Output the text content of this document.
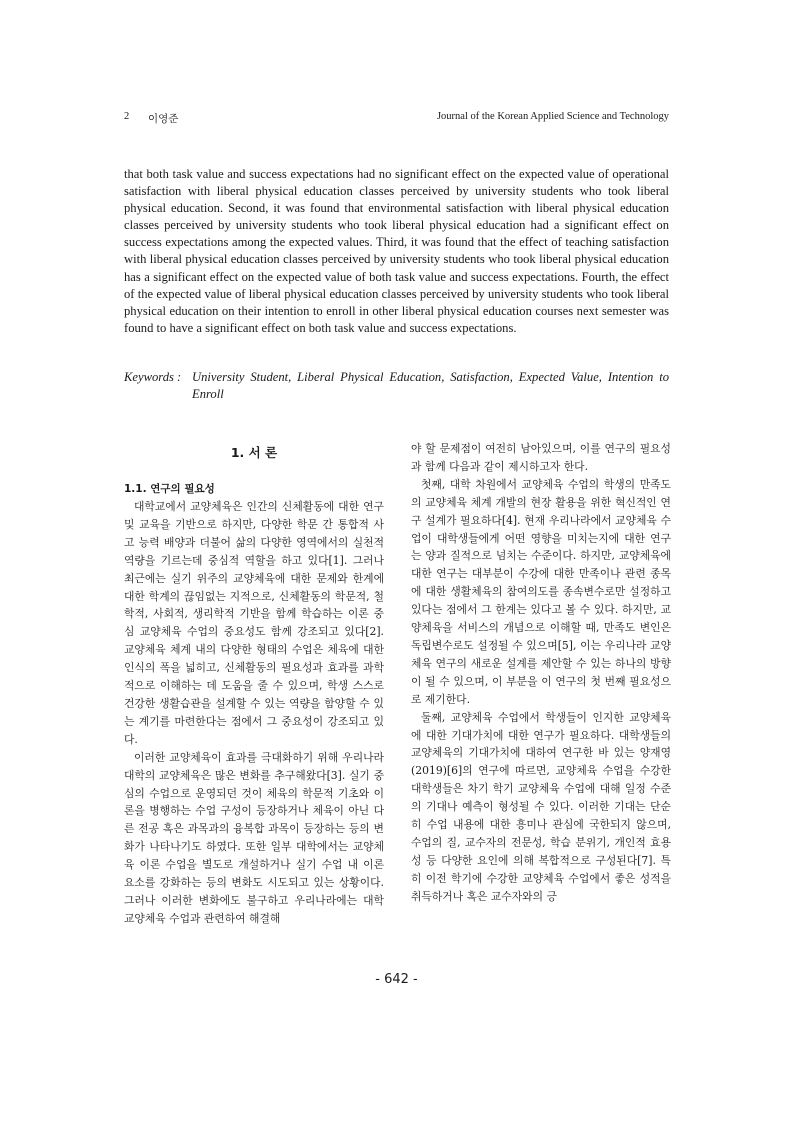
2 이영준	Journal of the Korean Applied Science and Technology

that both task value and success expectations had no significant effect on the expected value of operational satisfaction with liberal physical education classes perceived by university students who took liberal physical education. Second, it was found that environmental satisfaction with liberal physical education classes perceived by university students who took liberal physical education had a significant effect on success expectations among the expected values. Third, it was found that the effect of teaching satisfaction with liberal physical education classes perceived by university students who took liberal physical education has a significant effect on the expected value of both task value and success expectations. Fourth, the effect of the expected value of liberal physical education classes perceived by university students who took liberal physical education on their intention to enroll in other liberal physical education courses next semester was found to have a significant effect on both task value and success expectations.

Keywords : University Student, Liberal Physical Education, Satisfaction, Expected Value, Intention to Enroll
1. 서 론
1.1. 연구의 필요성

대학교에서 교양체육은 인간의 신체활동에 대한 연구 및 교육을 기반으로 하지만, 다양한 학문 간 통합적 사고 능력 배양과 더불어 삶의 다양한 영역에서의 실천적 역량을 기르는데 중심적 역할을 하고 있다[1]. 그러나 최근에는 실기 위주의 교양체육에 대한 문제와 한계에 대한 학계의 끊임없는 지적으로, 신체활동의 학문적, 철학적, 사회적, 생리학적 기반을 함께 학습하는 이론 중심 교양체육 수업의 중요성도 함께 강조되고 있다[2]. 교양체육 체계 내의 다양한 형태의 수업은 체육에 대한 인식의 폭을 넓히고, 신체활동의 필요성과 효과를 과학적으로 이해하는 데 도움을 줄 수 있으며, 학생 스스로 건강한 생활습관을 설계할 수 있는 역량을 함양할 수 있는 계기를 마련한다는 점에서 그 중요성이 강조되고 있다.

이러한 교양체육이 효과를 극대화하기 위해 우리나라 대학의 교양체육은 많은 변화를 추구해왔다[3]. 실기 중심의 수업으로 운영되던 것이 체육의 학문적 기초와 이론을 병행하는 수업 구성이 등장하거나 체육이 아닌 다른 전공 혹은 과목과의 융복합 과목이 등장하는 등의 변화가 나타나기도 하였다. 또한 일부 대학에서는 교양체육 이론 수업을 별도로 개설하거나 실기 수업 내 이론 요소를 강화하는 등의 변화도 시도되고 있는 상황이다. 그러나 이러한 변화에도 불구하고 우리나라에는 대학 교양체육 수업과 관련하여 해결해

야 할 문제점이 여전히 남아있으며, 이를 연구의 필요성과 함께 다음과 같이 제시하고자 한다.

첫째, 대학 차원에서 교양체육 수업의 학생의 만족도의 교양체육 체계 개발의 현장 활용을 위한 혁신적인 연구 설계가 필요하다[4]. 현재 우리나라에서 교양체육 수업이 대학생들에게 어떤 영향을 미치는지에 대한 연구는 양과 질적으로 넘치는 수준이다. 하지만, 교양체육에 대한 연구는 대부분이 수강에 대한 만족이나 관련 종목에 대한 생활체육의 참여의도를 종속변수로만 설정하고 있다는 점에서 그 한계는 있다고 볼 수 있다. 하지만, 교양체육을 서비스의 개념으로 이해할 때, 만족도 변인은 독립변수로도 설정될 수 있으며[5], 이는 우리나라 교양체육 연구의 새로운 설계를 제안할 수 있는 하나의 방향이 될 수 있으며, 이 부분을 이 연구의 첫 번째 필요성으로 제기한다.

둘째, 교양체육 수업에서 학생들이 인지한 교양체육에 대한 기대가치에 대한 연구가 필요하다. 대학생들의 교양체육의 기대가치에 대하여 연구한 바 있는 양재영(2019)[6]의 연구에 따르면, 교양체육 수업을 수강한 대학생들은 차기 학기 교양체육 수업에 대해 일정 수준의 기대나 예측이 형성될 수 있다. 이러한 기대는 단순히 수업 내용에 대한 흥미나 관심에 국한되지 않으며, 수업의 질, 교수자의 전문성, 학습 분위기, 개인적 효용성 등 다양한 요인에 의해 복합적으로 구성된다[7]. 특히 이전 학기에 수강한 교양체육 수업에서 좋은 성적을 취득하거나 혹은 교수자와의 긍

- 642 -
